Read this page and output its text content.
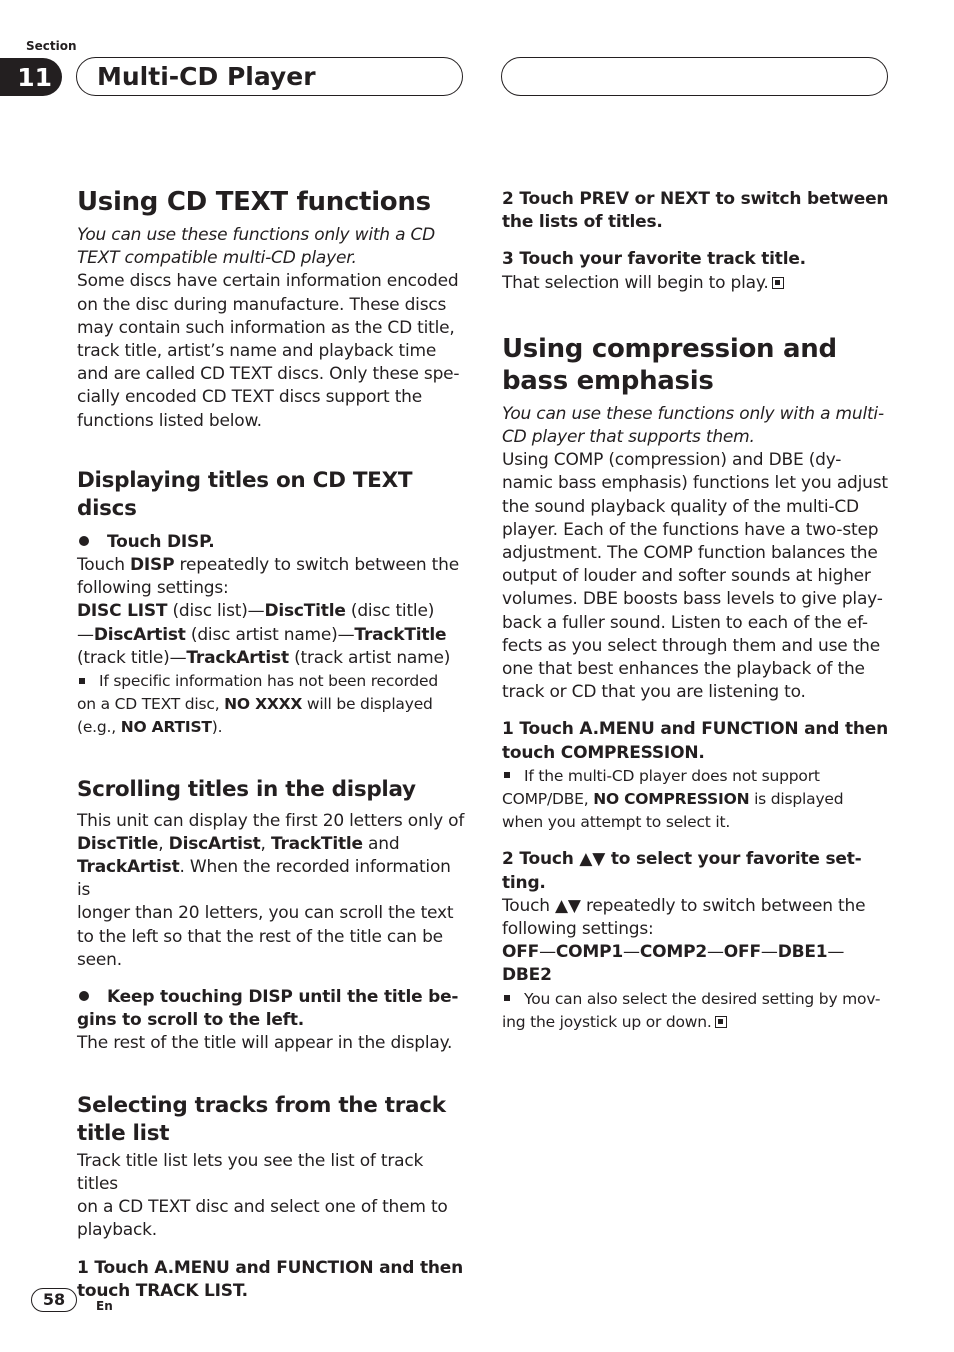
Section
11	Multi-CD Player
Using CD TEXT functions

You can use these functions only with a CD

TEXT compatible multi-CD player.

Some discs have certain information encoded

on the disc during manufacture. These discs

may contain such information as the CD title,

track title, artist’s name and playback time

and are called CD TEXT discs. Only these spe-

cially encoded CD TEXT discs support the

functions listed below.

Displaying titles on CD TEXT discs

Touch DISP.

Touch DISP repeatedly to switch between the

following settings:

DISC LIST (disc list)—DiscTitle (disc title)

—DiscArtist (disc artist name)—TrackTitle

(track title)—TrackArtist (track artist name)

If specific information has not been recorded

on a CD TEXT disc, NO XXXX will be displayed

(e.g., NO ARTIST).

Scrolling titles in the display

This unit can display the first 20 letters only of

DiscTitle, DiscArtist, TrackTitle and

TrackArtist. When the recorded information is

longer than 20 letters, you can scroll the text

to the left so that the rest of the title can be

seen.

Keep touching DISP until the title be-

gins to scroll to the left.

The rest of the title will appear in the display.

Selecting tracks from the track
title list

Track title list lets you see the list of track titles

on a CD TEXT disc and select one of them to

playback.

1 Touch A.MENU and FUNCTION and then

touch TRACK LIST.

2 Touch PREV or NEXT to switch between

the lists of titles.

3 Touch your favorite track title.

That selection will begin to play.

Using compression and
bass emphasis

You can use these functions only with a multi-

CD player that supports them.

Using COMP (compression) and DBE (dy-

namic bass emphasis) functions let you adjust

the sound playback quality of the multi-CD

player. Each of the functions have a two-step

adjustment. The COMP function balances the

output of louder and softer sounds at higher

volumes. DBE boosts bass levels to give play-

back a fuller sound. Listen to each of the ef-

fects as you select through them and use the

one that best enhances the playback of the

track or CD that you are listening to.

1 Touch A.MENU and FUNCTION and then

touch COMPRESSION.

If the multi-CD player does not support

COMP/DBE, NO COMPRESSION is displayed

when you attempt to select it.

2 Touch ▲▼ to select your favorite set-

ting.

Touch ▲▼ repeatedly to switch between the

following settings:

OFF—COMP1—COMP2—OFF—DBE1—

DBE2

You can also select the desired setting by mov-

ing the joystick up or down.

58	En
